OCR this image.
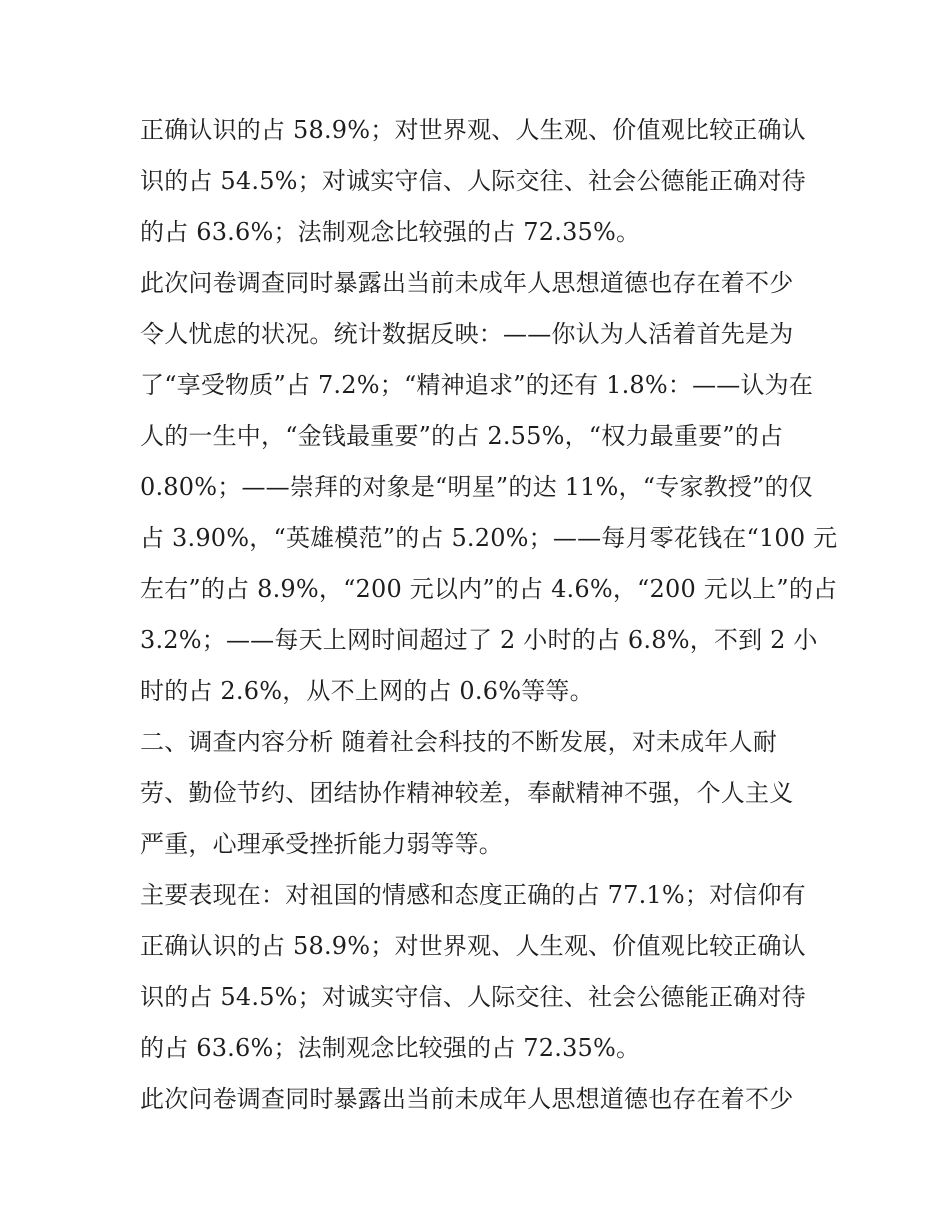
正确认识的占 58.9%；对世界观、人生观、价值观比较正确认
识的占 54.5%；对诚实守信、人际交往、社会公德能正确对待
的占 63.6%；法制观念比较强的占 72.35%。
此次问卷调查同时暴露出当前未成年人思想道德也存在着不少
令人忧虑的状况。统计数据反映：——你认为人活着首先是为
了“享受物质”占 7.2%；“精神追求”的还有 1.8%：——认为在
人的一生中，“金钱最重要”的占 2.55%，“权力最重要”的占
0.80%；——崇拜的对象是“明星”的达 11%，“专家教授”的仅
占 3.90%，“英雄模范”的占 5.20%；——每月零花钱在“100 元
左右”的占 8.9%，“200 元以内”的占 4.6%，“200 元以上”的占
3.2%；——每天上网时间超过了 2 小时的占 6.8%，不到 2 小
时的占 2.6%，从不上网的占 0.6%等等。
二、调查内容分析 随着社会科技的不断发展，对未成年人耐
劳、勤俭节约、团结协作精神较差，奉献精神不强，个人主义
严重，心理承受挫折能力弱等等。
主要表现在：对祖国的情感和态度正确的占 77.1%；对信仰有
正确认识的占 58.9%；对世界观、人生观、价值观比较正确认
识的占 54.5%；对诚实守信、人际交往、社会公德能正确对待
的占 63.6%；法制观念比较强的占 72.35%。
此次问卷调查同时暴露出当前未成年人思想道德也存在着不少
